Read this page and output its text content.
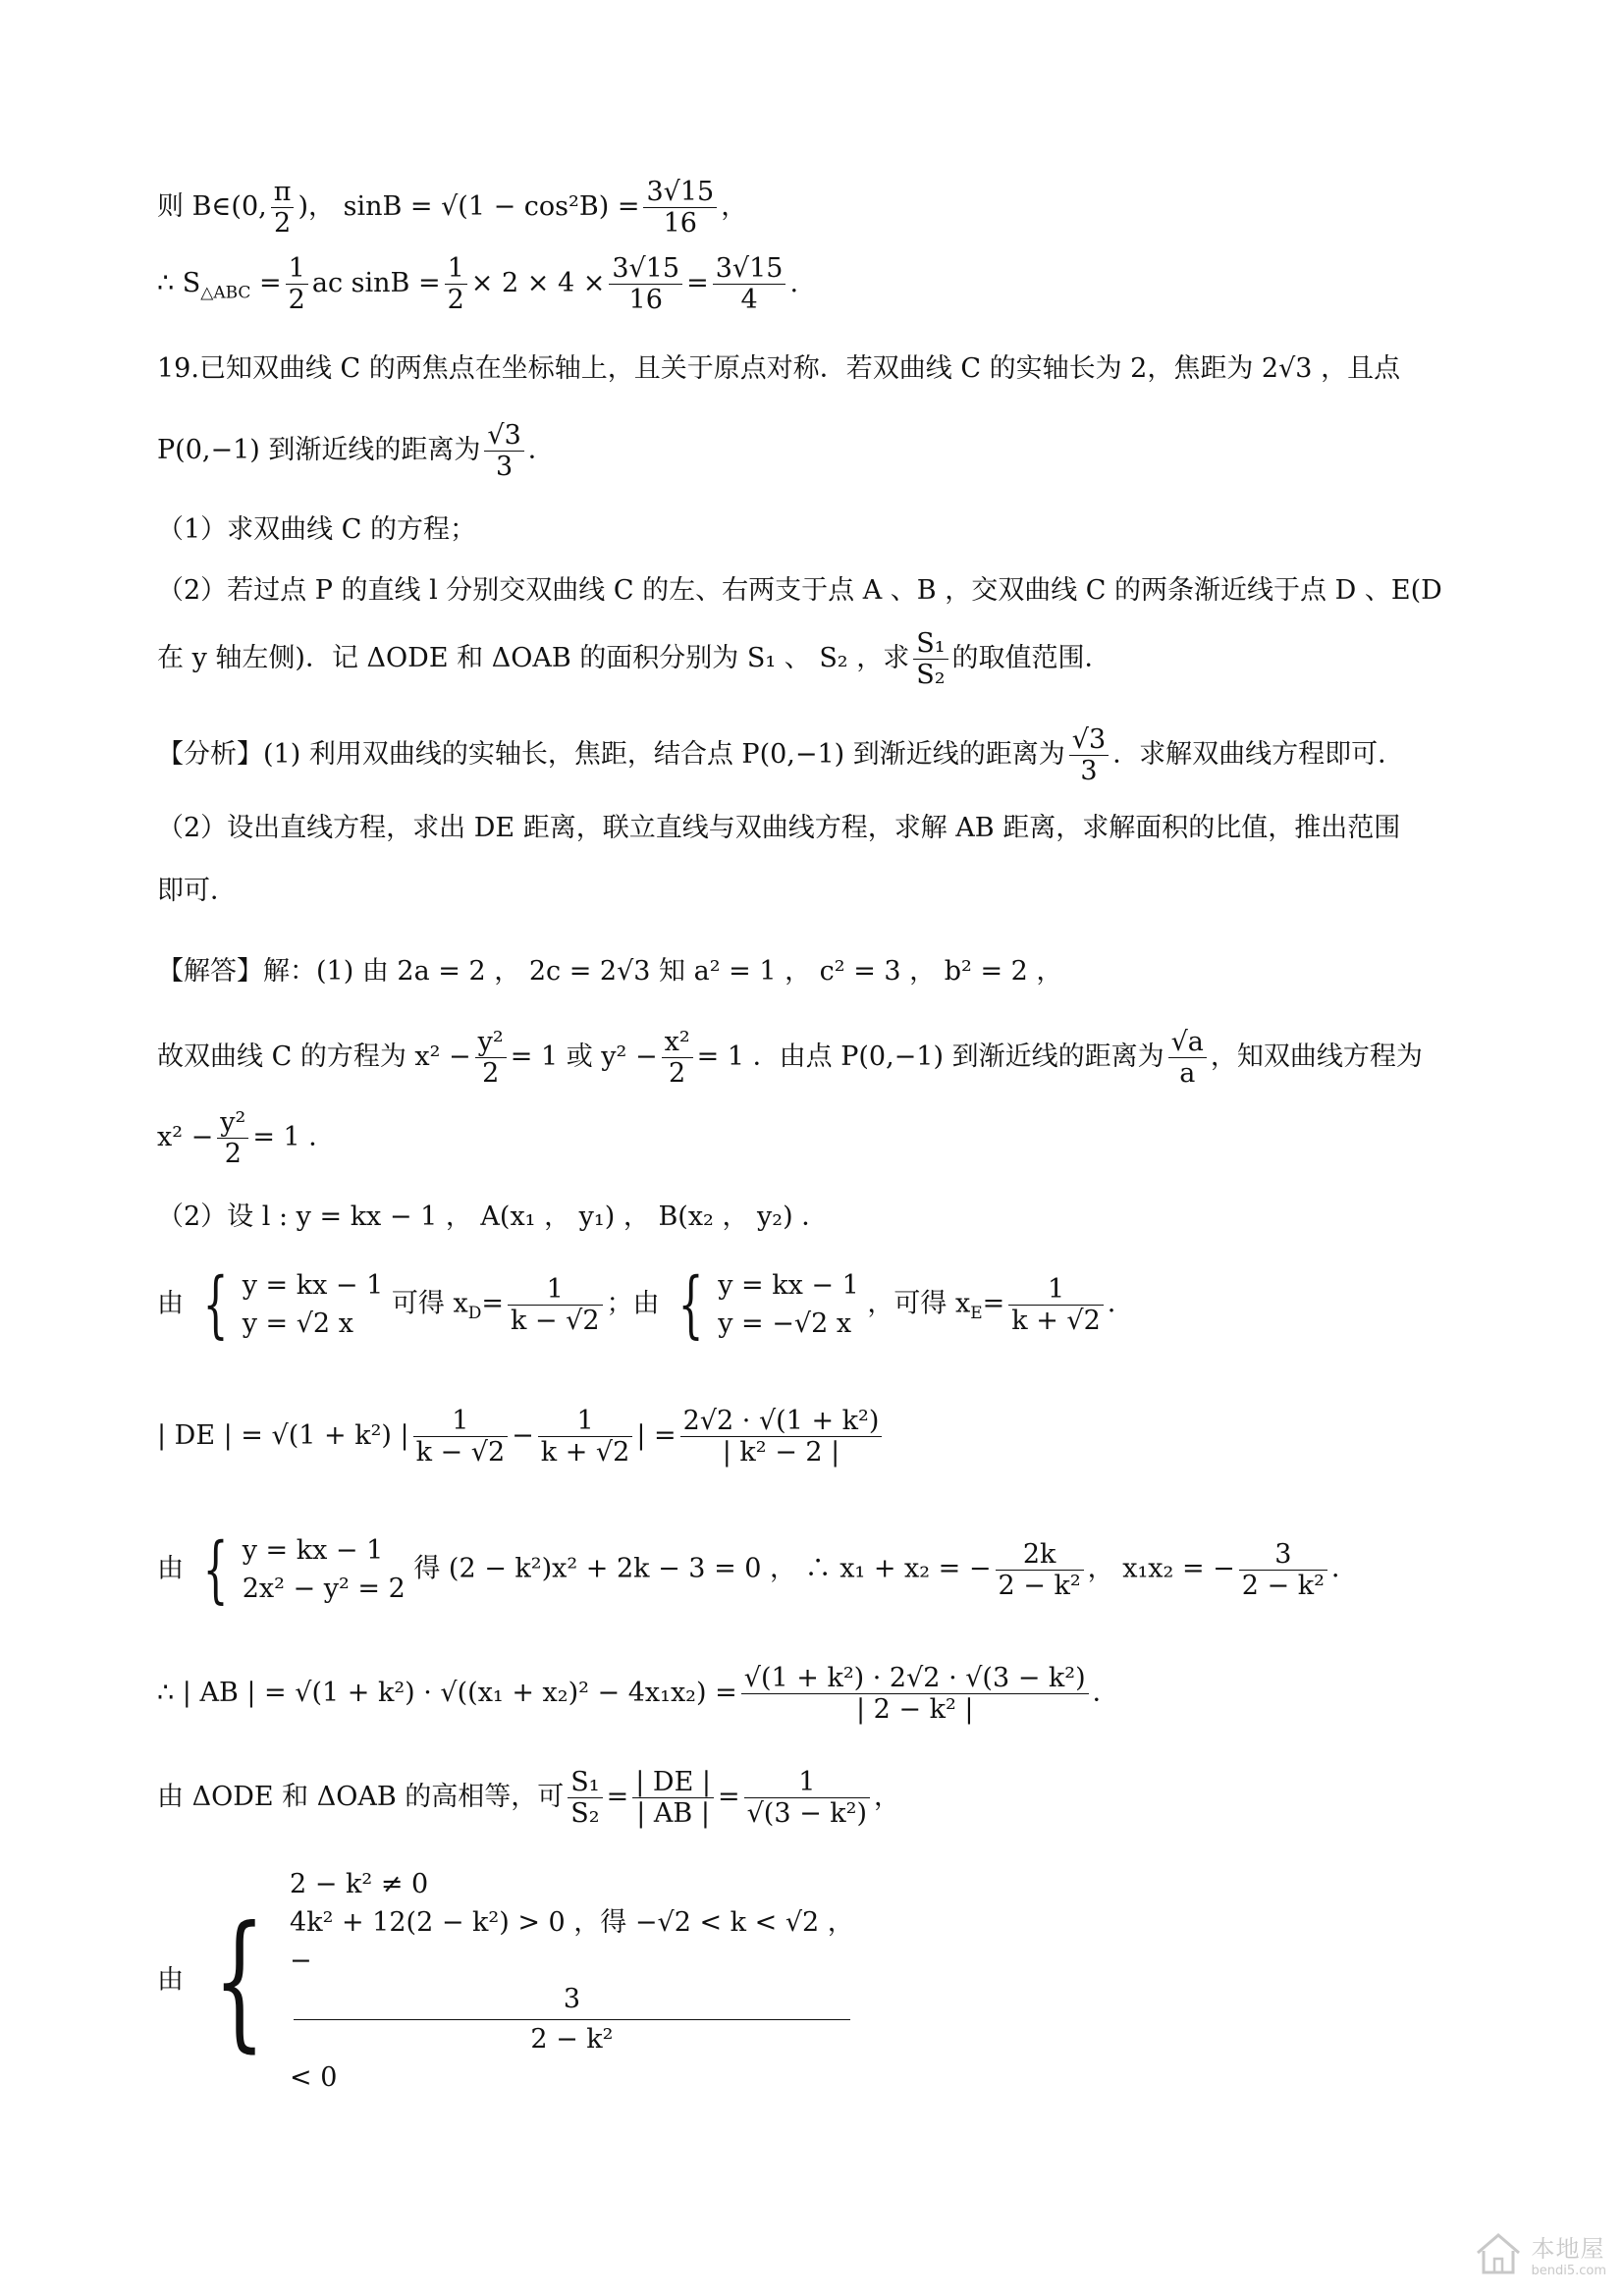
则 B∈(0, $\frac{\pi}{2}$ )， $\sin B = √(1 - \cos^2B) = \frac{3√15}{16}$ ，
∴ $S_{\triangle ABC} = \frac{1}{2}$ ac $\sin B = \frac{1}{2} \times 2 \times 4 \times \frac{3√15}{16} = \frac{3√15}{4}$ .
19.已知双曲线 C 的两焦点在坐标轴上，且关于原点对称．若双曲线 C 的实轴长为 2，焦距为 2√3 ，且点
P(0,−1) 到渐近线的距离为 $\frac{√3}{3}$ ．
（1）求双曲线 C 的方程；
（2）若过点 P 的直线 l 分别交双曲线 C 的左、右两支于点 A 、B ，交双曲线 C 的两条渐近线于点 D 、E(D
在 y 轴左侧)．记 ΔODE 和 ΔOAB 的面积分别为 S₁ 、 S₂ ，求 $\frac{\text{S₁}}{\text{S₂}}$ 的取值范围．
【分析】(1) 利用双曲线的实轴长，焦距，结合点 P(0,−1) 到渐近线的距离为 $\frac{√3}{3}$ ．求解双曲线方程即可．
（2）设出直线方程，求出 DE 距离，联立直线与双曲线方程，求解 AB 距离，求解面积的比值，推出范围
即可．
【解答】解：(1) 由 2a = 2 ， 2c = 2√3 知 a² = 1 ， c² = 3 ， b² = 2 ，
故双曲线 C 的方程为 $x^2 - \frac{\text{y²}}{2} = 1$ 或 $y^2 - \frac{\text{x²}}{2} = 1$ ．由点 P(0,−1) 到渐近线的距离为 $\frac{√a}{a}$ ，知双曲线方程为
$x^2 - \frac{\text{y²}}{2} = 1$ ．
（2）设 l : y = kx − 1 ， A(x₁ ， y₁) ， B(x₂ ， y₂) ．
由 { y = kx − 1
y = √2 x
可得 $x_D= \frac{1}{k - √2}$ ；由 { y = kx − 1
y = −√2 x
，可得 $x_E= \frac{1}{k + √2}$ ．
| DE | = √(1 + k²) | $\frac{1}{k - √2} - \frac{1}{k + √2}$ | = $\frac{\text{2√2 · √(1 + k²)}}{\text{| k² − 2 |}}$
由 { y = kx − 1
2x² − y² = 2
得 (2 − k²)x² + 2k − 3 = 0 ， ∴ x₁ + x₂ = − $\frac{2k}{\text{2 − k²}}$ ， x₁x₂ = − $\frac{3}{\text{2 − k²}}$ ．
∴ | AB | = $√(1 + k^2) \cdot √((x_1 + x_2)^2 - 4x_1x_2) = \frac{\text{√(1 + k²) · 2√2 · √(3 − k²)}}{\text{| 2 − k² |}}$ ．
由 ΔODE 和 ΔOAB 的高相等，可 $\frac{\text{S₁}}{\text{S₂}} = \frac{| DE |}{| AB |} = \frac{1}{\text{√(3 − k²)}}$ ，
由 {
2 − k² ≠ 0
4k² + 12(2 − k²) > 0 ，得 −√2 < k < √2 ，
−
3
2 − k²
< 0
本地屋
bendi5.com
